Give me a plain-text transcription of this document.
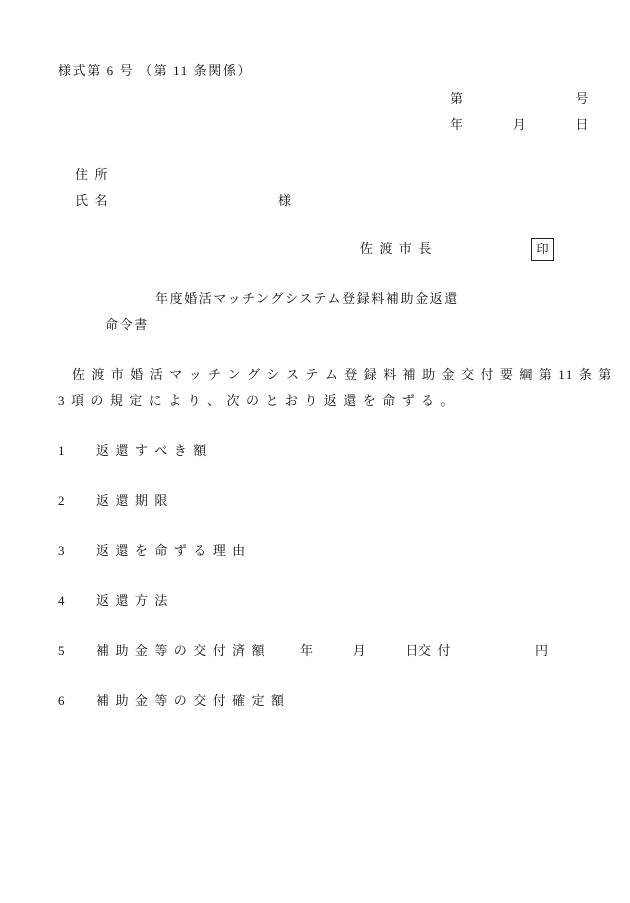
様式第 6 号 （第 11 条関係）
第	号
年	月	日
住 所
氏 名	様
佐 渡 市 長	印
年度婚活マッチングシステム登録料補助金返還
命令書
佐 渡 市 婚 活 マ ッ チ ン グ シ ス テ ム 登 録 料 補 助 金 交 付 要 綱 第 11 条 第
3 項 の 規 定 に よ り 、 次 の と お り 返 還 を 命 ず る 。
1	返 還 す べ き 額
2	返 還 期 限
3	返 還 を 命 ず る 理 由
4	返 還 方 法
5	補 助 金 等 の 交 付 済 額	年	月	日
交 付	円
6	補 助 金 等 の 交 付 確 定 額
